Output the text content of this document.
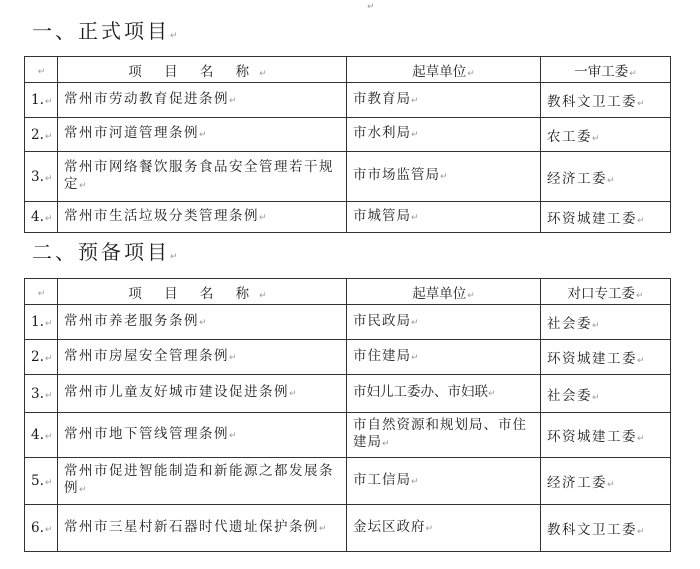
↵
一、正式项目↵
↵	项 目 名 称↵	起草单位↵	一审工委↵
1.↵	常州市劳动教育促进条例↵	市教育局↵	教科文卫工委↵
2.↵	常州市河道管理条例↵	市水利局↵	农工委↵
3.↵	常州市网络餐饮服务食品安全管理若干规定↵	市市场监管局↵	经济工委↵
4.↵	常州市生活垃圾分类管理条例↵	市城管局↵	环资城建工委↵
二、预备项目↵
↵	项 目 名 称↵	起草单位↵	对口专工委↵
1.↵	常州市养老服务条例↵	市民政局↵	社会委↵
2.↵	常州市房屋安全管理条例↵	市住建局↵	环资城建工委↵
3.↵	常州市儿童友好城市建设促进条例↵	市妇儿工委办、市妇联↵	社会委↵
4.↵	常州市地下管线管理条例↵	市自然资源和规划局、市住建局↵	环资城建工委↵
5.↵	常州市促进智能制造和新能源之都发展条例↵	市工信局↵	经济工委↵
6.↵	常州市三星村新石器时代遗址保护条例↵	金坛区政府↵	教科文卫工委↵
